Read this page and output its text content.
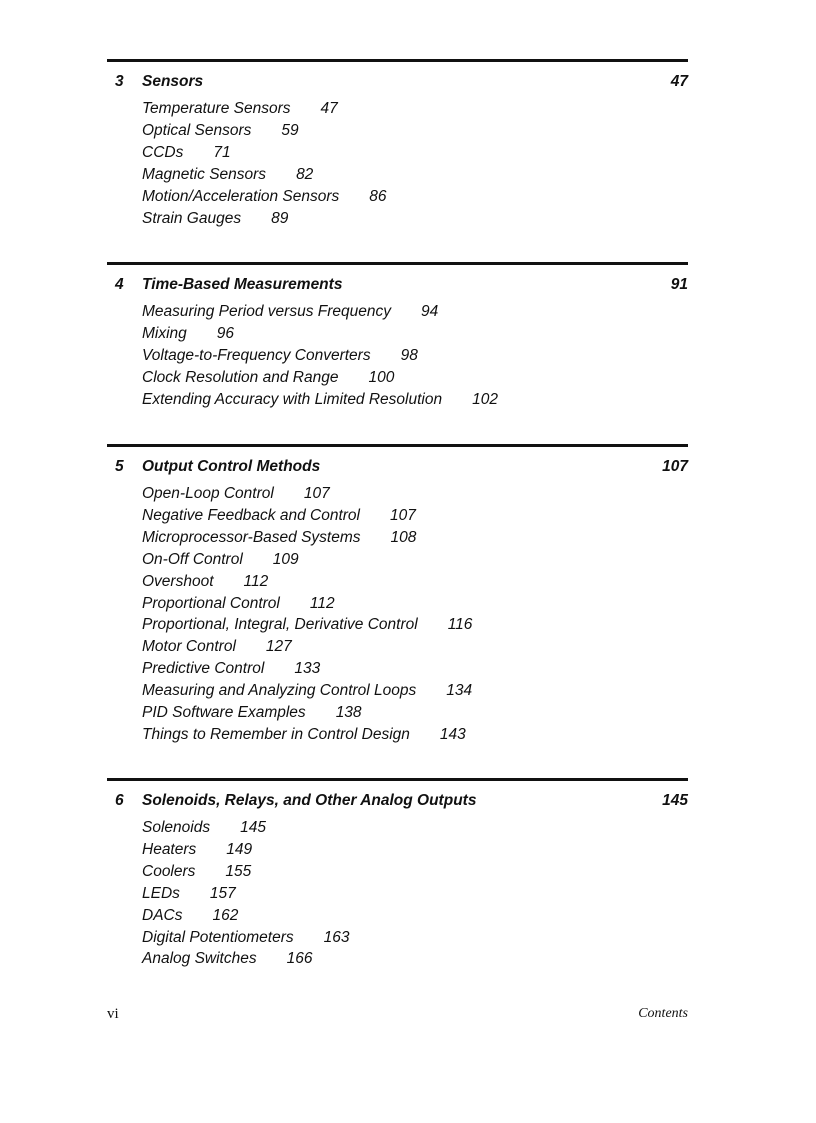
3 Sensors	47
Temperature Sensors 47
Optical Sensors 59
CCDs 71
Magnetic Sensors 82
Motion/Acceleration Sensors 86
Strain Gauges 89
4 Time-Based Measurements	91
Measuring Period versus Frequency 94
Mixing 96
Voltage-to-Frequency Converters 98
Clock Resolution and Range 100
Extending Accuracy with Limited Resolution 102
5 Output Control Methods	107
Open-Loop Control 107
Negative Feedback and Control 107
Microprocessor-Based Systems 108
On-Off Control 109
Overshoot 112
Proportional Control 112
Proportional, Integral, Derivative Control 116
Motor Control 127
Predictive Control 133
Measuring and Analyzing Control Loops 134
PID Software Examples 138
Things to Remember in Control Design 143
6 Solenoids, Relays, and Other Analog Outputs	145
Solenoids 145
Heaters 149
Coolers 155
LEDs 157
DACs 162
Digital Potentiometers 163
Analog Switches 166
vi	Contents
